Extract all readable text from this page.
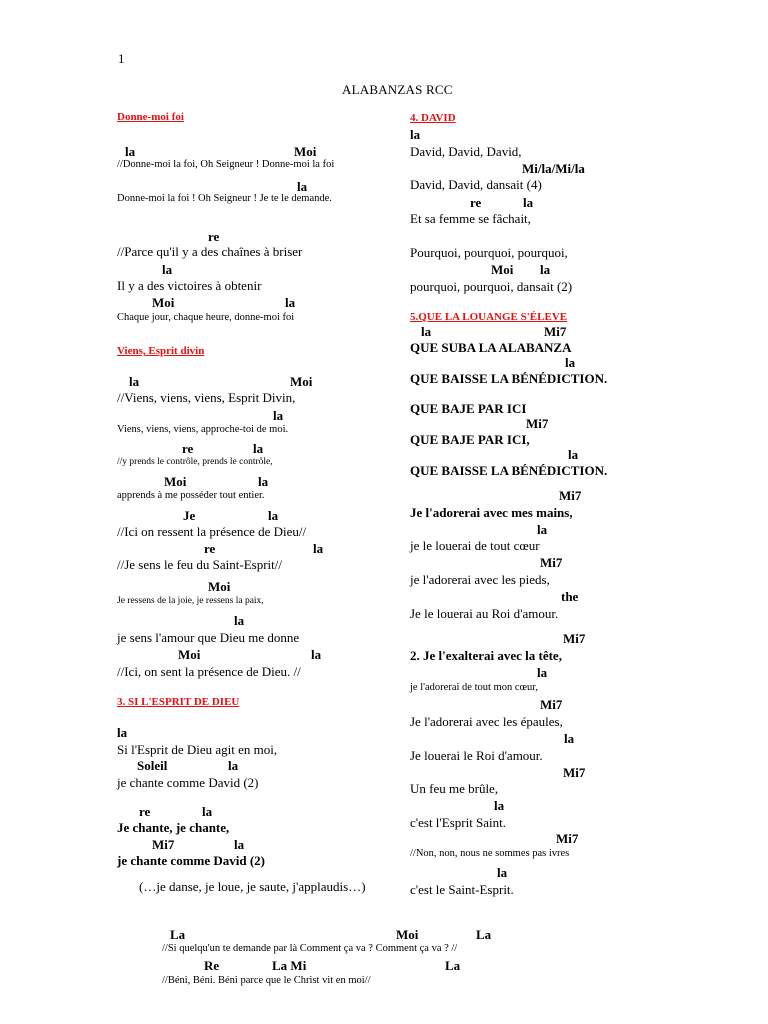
1
ALABANZAS RCC
Donne-moi foi
la	Moi
//Donne-moi la foi, Oh Seigneur ! Donne-moi la foi
la
Donne-moi la foi ! Oh Seigneur ! Je te le demande.
re
//Parce qu'il y a des chaînes à briser
la
Il y a des victoires à obtenir
Moi	la
Chaque jour, chaque heure, donne-moi foi
Viens, Esprit divin
la	Moi
//Viens, viens, viens, Esprit Divin,
la
Viens, viens, viens, approche-toi de moi.
re	la
//y prends le contrôle, prends le contrôle,
Moi	la
apprends à me posséder tout entier.
Je	la
//Ici on ressent la présence de Dieu//
re	la
//Je sens le feu du Saint-Esprit//
Moi
Je ressens de la joie, je ressens la paix,
la
je sens l'amour que Dieu me donne
Moi	la
//Ici, on sent la présence de Dieu. //
3. SI L'ESPRIT DE DIEU
la
Si l'Esprit de Dieu agit en moi,
Soleil	la
je chante comme David (2)
re	la
Je chante, je chante,
Mi7	la
je chante comme David (2)
(…je danse, je loue, je saute, j'applaudis…)
4. DAVID
la
David, David, David,
Mi/la/Mi/la
David, David, dansait (4)
re	la
Et sa femme se fâchait,
Pourquoi, pourquoi, pourquoi,
Moi la
pourquoi, pourquoi, dansait (2)
5.QUE LA LOUANGE S'ÉLEVE
la	Mi7
QUE SUBA LA ALABANZA
la
QUE BAISSE LA BÉNÉDICTION.
QUE BAJE PAR ICI
Mi7
QUE BAJE PAR ICI,
la
QUE BAISSE LA BÉNÉDICTION.
Mi7
Je l'adorerai avec mes mains,
la
je le louerai de tout cœur
Mi7
je l'adorerai avec les pieds,
the
Je le louerai au Roi d'amour.
Mi7
2. Je l'exalterai avec la tête,
la
je l'adorerai de tout mon cœur,
Mi7
Je l'adorerai avec les épaules,
la
Je louerai le Roi d'amour.
Mi7
Un feu me brûle,
la
c'est l'Esprit Saint.
Mi7
//Non, non, nous ne sommes pas ivres
la
c'est le Saint-Esprit.
La	Moi	La
//Si quelqu'un te demande par là Comment ça va ? Comment ça va ? //
Re	La Mi	La
//Béni, Béni. Béni parce que le Christ vit en moi//
